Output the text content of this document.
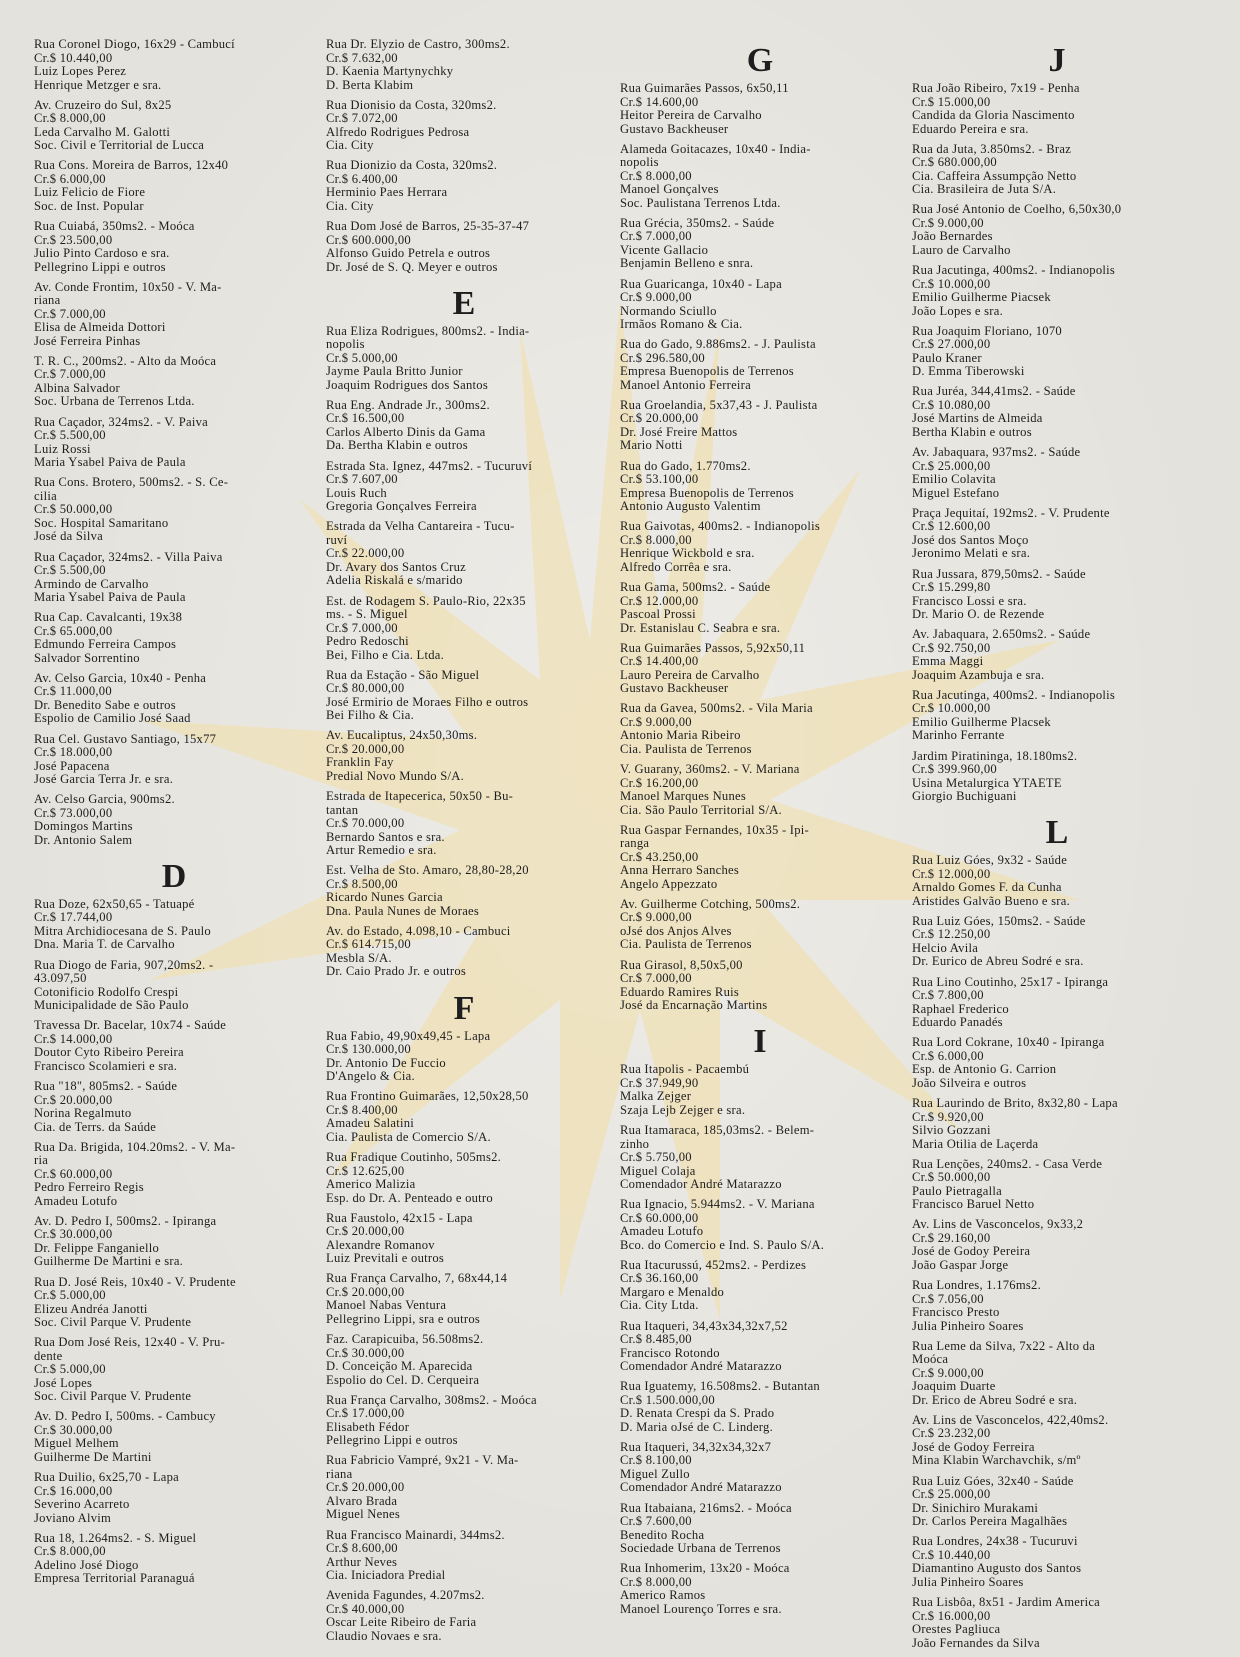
Rua Coronel Diogo, 16x29 - Cambucí
Cr.$ 10.440,00
Luiz Lopes Perez
Henrique Metzger e sra.
Av. Cruzeiro do Sul, 8x25
Cr.$ 8.000,00
Leda Carvalho M. Galotti
Soc. Civil e Territorial de Lucca
Rua Cons. Moreira de Barros, 12x40
Cr.$ 6.000,00
Luiz Felicio de Fiore
Soc. de Inst. Popular
Rua Cuiabá, 350ms2. - Moóca
Cr.$ 23.500,00
Julio Pinto Cardoso e sra.
Pellegrino Lippi e outros
Av. Conde Frontim, 10x50 - V. Ma-
riana
Cr.$ 7.000,00
Elisa de Almeida Dottori
José Ferreira Pinhas
T. R. C., 200ms2. - Alto da Moóca
Cr.$ 7.000,00
Albina Salvador
Soc. Urbana de Terrenos Ltda.
Rua Caçador, 324ms2. - V. Paiva
Cr.$ 5.500,00
Luiz Rossi
Maria Ysabel Paiva de Paula
Rua Cons. Brotero, 500ms2. - S. Ce-
cilia
Cr.$ 50.000,00
Soc. Hospital Samaritano
José da Silva
Rua Caçador, 324ms2. - Villa Paiva
Cr.$ 5.500,00
Armindo de Carvalho
Maria Ysabel Paiva de Paula
Rua Cap. Cavalcanti, 19x38
Cr.$ 65.000,00
Edmundo Ferreira Campos
Salvador Sorrentino
Av. Celso Garcia, 10x40 - Penha
Cr.$ 11.000,00
Dr. Benedito Sabe e outros
Espolio de Camilio José Saad
Rua Cel. Gustavo Santiago, 15x77
Cr.$ 18.000,00
José Papacena
José Garcia Terra Jr. e sra.
Av. Celso Garcia, 900ms2.
Cr.$ 73.000,00
Domingos Martins
Dr. Antonio Salem
D
Rua Doze, 62x50,65 - Tatuapé
Cr.$ 17.744,00
Mitra Archidiocesana de S. Paulo
Dna. Maria T. de Carvalho
Rua Diogo de Faria, 907,20ms2. -
43.097,50
Cotonificio Rodolfo Crespi
Municipalidade de São Paulo
Travessa Dr. Bacelar, 10x74 - Saúde
Cr.$ 14.000,00
Doutor Cyto Ribeiro Pereira
Francisco Scolamieri e sra.
Rua "18", 805ms2. - Saúde
Cr.$ 20.000,00
Norina Regalmuto
Cia. de Terrs. da Saúde
Rua Da. Brigida, 104.20ms2. - V. Ma-
ria
Cr.$ 60.000,00
Pedro Ferreiro Regis
Amadeu Lotufo
Av. D. Pedro I, 500ms2. - Ipiranga
Cr.$ 30.000,00
Dr. Felippe Fanganiello
Guilherme De Martini e sra.
Rua D. José Reis, 10x40 - V. Prudente
Cr.$ 5.000,00
Elizeu Andréa Janotti
Soc. Civil Parque V. Prudente
Rua Dom José Reis, 12x40 - V. Pru-
dente
Cr.$ 5.000,00
José Lopes
Soc. Civil Parque V. Prudente
Av. D. Pedro I, 500ms. - Cambucy
Cr.$ 30.000,00
Miguel Melhem
Guilherme De Martini
Rua Duilio, 6x25,70 - Lapa
Cr.$ 16.000,00
Severino Acarreto
Joviano Alvim
Rua 18, 1.264ms2. - S. Miguel
Cr.$ 8.000,00
Adelino José Diogo
Empresa Territorial Paranaguá
Rua Dr. Elyzio de Castro, 300ms2.
Cr.$ 7.632,00
D. Kaenia Martynychky
D. Berta Klabim
Rua Dionisio da Costa, 320ms2.
Cr.$ 7.072,00
Alfredo Rodrigues Pedrosa
Cia. City
Rua Dionizio da Costa, 320ms2.
Cr.$ 6.400,00
Herminio Paes Herrara
Cia. City
Rua Dom José de Barros, 25-35-37-47
Cr.$ 600.000,00
Alfonso Guido Petrela e outros
Dr. José de S. Q. Meyer e outros
E
Rua Eliza Rodrigues, 800ms2. - India-
nopolis
Cr.$ 5.000,00
Jayme Paula Britto Junior
Joaquim Rodrigues dos Santos
Rua Eng. Andrade Jr., 300ms2.
Cr.$ 16.500,00
Carlos Alberto Dinis da Gama
Da. Bertha Klabin e outros
Estrada Sta. Ignez, 447ms2. - Tucuruví
Cr.$ 7.607,00
Louis Ruch
Gregoria Gonçalves Ferreira
Estrada da Velha Cantareira - Tucu-
ruví
Cr.$ 22.000,00
Dr. Avary dos Santos Cruz
Adelia Riskalá e s/marido
Est. de Rodagem S. Paulo-Rio, 22x35
ms. - S. Miguel
Cr.$ 7.000,00
Pedro Redoschi
Bei, Filho e Cia. Ltda.
Rua da Estação - São Miguel
Cr.$ 80.000,00
José Ermirio de Moraes Filho e outros
Bei Filho & Cia.
Av. Eucaliptus, 24x50,30ms.
Cr.$ 20.000,00
Franklin Fay
Predial Novo Mundo S/A.
Estrada de Itapecerica, 50x50 - Bu-
tantan
Cr.$ 70.000,00
Bernardo Santos e sra.
Artur Remedio e sra.
Est. Velha de Sto. Amaro, 28,80-28,20
Cr.$ 8.500,00
Ricardo Nunes Garcia
Dna. Paula Nunes de Moraes
Av. do Estado, 4.098,10 - Cambuci
Cr.$ 614.715,00
Mesbla S/A.
Dr. Caio Prado Jr. e outros
F
Rua Fabio, 49,90x49,45 - Lapa
Cr.$ 130.000,00
Dr. Antonio De Fuccio
D'Angelo & Cia.
Rua Frontino Guimarães, 12,50x28,50
Cr.$ 8.400,00
Amadeu Salatini
Cia. Paulista de Comercio S/A.
Rua Fradique Coutinho, 505ms2.
Cr.$ 12.625,00
Americo Malizia
Esp. do Dr. A. Penteado e outro
Rua Faustolo, 42x15 - Lapa
Cr.$ 20.000,00
Alexandre Romanov
Luiz Previtali e outros
Rua França Carvalho, 7, 68x44,14
Cr.$ 20.000,00
Manoel Nabas Ventura
Pellegrino Lippi, sra e outros
Faz. Carapicuiba, 56.508ms2.
Cr.$ 30.000,00
D. Conceição M. Aparecida
Espolio do Cel. D. Cerqueira
Rua França Carvalho, 308ms2. - Moóca
Cr.$ 17.000,00
Elisabeth Fédor
Pellegrino Lippi e outros
Rua Fabricio Vampré, 9x21 - V. Ma-
riana
Cr.$ 20.000,00
Alvaro Brada
Miguel Nenes
Rua Francisco Mainardi, 344ms2.
Cr.$ 8.600,00
Arthur Neves
Cia. Iniciadora Predial
Avenida Fagundes, 4.207ms2.
Cr.$ 40.000,00
Oscar Leite Ribeiro de Faria
Claudio Novaes e sra.
G
Rua Guimarães Passos, 6x50,11
Cr.$ 14.600,00
Heitor Pereira de Carvalho
Gustavo Backheuser
Alameda Goitacazes, 10x40 - India-
nopolis
Cr.$ 8.000,00
Manoel Gonçalves
Soc. Paulistana Terrenos Ltda.
Rua Grécia, 350ms2. - Saúde
Cr.$ 7.000,00
Vicente Gallacio
Benjamin Belleno e snra.
Rua Guaricanga, 10x40 - Lapa
Cr.$ 9.000,00
Normando Sciullo
Irmãos Romano & Cia.
Rua do Gado, 9.886ms2. - J. Paulista
Cr.$ 296.580,00
Empresa Buenopolis de Terrenos
Manoel Antonio Ferreira
Rua Groelandia, 5x37,43 - J. Paulista
Cr.$ 20.000,00
Dr. José Freire Mattos
Mario Notti
Rua do Gado, 1.770ms2.
Cr.$ 53.100,00
Empresa Buenopolis de Terrenos
Antonio Augusto Valentim
Rua Gaivotas, 400ms2. - Indianopolis
Cr.$ 8.000,00
Henrique Wickbold e sra.
Alfredo Corrêa e sra.
Rua Gama, 500ms2. - Saúde
Cr.$ 12.000,00
Pascoal Prossi
Dr. Estanislau C. Seabra e sra.
Rua Guimarães Passos, 5,92x50,11
Cr.$ 14.400,00
Lauro Pereira de Carvalho
Gustavo Backheuser
Rua da Gavea, 500ms2. - Vila Maria
Cr.$ 9.000,00
Antonio Maria Ribeiro
Cia. Paulista de Terrenos
V. Guarany, 360ms2. - V. Mariana
Cr.$ 16.200,00
Manoel Marques Nunes
Cia. São Paulo Territorial S/A.
Rua Gaspar Fernandes, 10x35 - Ipi-
ranga
Cr.$ 43.250,00
Anna Herraro Sanches
Angelo Appezzato
Av. Guilherme Cotching, 500ms2.
Cr.$ 9.000,00
oJsé dos Anjos Alves
Cia. Paulista de Terrenos
Rua Girasol, 8,50x5,00
Cr.$ 7.000,00
Eduardo Ramires Ruis
José da Encarnação Martins
I
Rua Itapolis - Pacaembú
Cr.$ 37.949,90
Malka Zejger
Szaja Lejb Zejger e sra.
Rua Itamaraca, 185,03ms2. - Belem-
zinho
Cr.$ 5.750,00
Miguel Colaja
Comendador André Matarazzo
Rua Ignacio, 5.944ms2. - V. Mariana
Cr.$ 60.000,00
Amadeu Lotufo
Bco. do Comercio e Ind. S. Paulo S/A.
Rua Itacurussú, 452ms2. - Perdizes
Cr.$ 36.160,00
Margaro e Menaldo
Cia. City Ltda.
Rua Itaqueri, 34,43x34,32x7,52
Cr.$ 8.485,00
Francisco Rotondo
Comendador André Matarazzo
Rua Iguatemy, 16.508ms2. - Butantan
Cr.$ 1.500.000,00
D. Renata Crespi da S. Prado
D. Maria oJsé de C. Linderg.
Rua Itaqueri, 34,32x34,32x7
Cr.$ 8.100,00
Miguel Zullo
Comendador André Matarazzo
Rua Itabaiana, 216ms2. - Moóca
Cr.$ 7.600,00
Benedito Rocha
Sociedade Urbana de Terrenos
Rua Inhomerim, 13x20 - Moóca
Cr.$ 8.000,00
Americo Ramos
Manoel Lourenço Torres e sra.
J
Rua João Ribeiro, 7x19 - Penha
Cr.$ 15.000,00
Candida da Gloria Nascimento
Eduardo Pereira e sra.
Rua da Juta, 3.850ms2. - Braz
Cr.$ 680.000,00
Cia. Caffeira Assumpção Netto
Cia. Brasileira de Juta S/A.
Rua José Antonio de Coelho, 6,50x30,0
Cr.$ 9.000,00
João Bernardes
Lauro de Carvalho
Rua Jacutinga, 400ms2. - Indianopolis
Cr.$ 10.000,00
Emilio Guilherme Piacsek
João Lopes e sra.
Rua Joaquim Floriano, 1070
Cr.$ 27.000,00
Paulo Kraner
D. Emma Tiberowski
Rua Juréa, 344,41ms2. - Saúde
Cr.$ 10.080,00
José Martins de Almeida
Bertha Klabin e outros
Av. Jabaquara, 937ms2. - Saúde
Cr.$ 25.000,00
Emilio Colavita
Miguel Estefano
Praça Jequitaí, 192ms2. - V. Prudente
Cr.$ 12.600,00
José dos Santos Moço
Jeronimo Melati e sra.
Rua Jussara, 879,50ms2. - Saúde
Cr.$ 15.299,80
Francisco Lossi e sra.
Dr. Mario O. de Rezende
Av. Jabaquara, 2.650ms2. - Saúde
Cr.$ 92.750,00
Emma Maggi
Joaquim Azambuja e sra.
Rua Jacutinga, 400ms2. - Indianopolis
Cr.$ 10.000,00
Emilio Guilherme Placsek
Marinho Ferrante
Jardim Piratininga, 18.180ms2.
Cr.$ 399.960,00
Usina Metalurgica YTAETE
Giorgio Buchiguani
L
Rua Luiz Góes, 9x32 - Saúde
Cr.$ 12.000,00
Arnaldo Gomes F. da Cunha
Aristides Galvão Bueno e sra.
Rua Luiz Góes, 150ms2. - Saúde
Cr.$ 12.250,00
Helcio Avila
Dr. Eurico de Abreu Sodré e sra.
Rua Lino Coutinho, 25x17 - Ipiranga
Cr.$ 7.800,00
Raphael Frederico
Eduardo Panadés
Rua Lord Cokrane, 10x40 - Ipiranga
Cr.$ 6.000,00
Esp. de Antonio G. Carrion
João Silveira e outros
Rua Laurindo de Brito, 8x32,80 - Lapa
Cr.$ 9.920,00
Silvio Gozzani
Maria Otilia de Laçerda
Rua Lenções, 240ms2. - Casa Verde
Cr.$ 50.000,00
Paulo Pietragalla
Francisco Baruel Netto
Av. Lins de Vasconcelos, 9x33,2
Cr.$ 29.160,00
José de Godoy Pereira
João Gaspar Jorge
Rua Londres, 1.176ms2.
Cr.$ 7.056,00
Francisco Presto
Julia Pinheiro Soares
Rua Leme da Silva, 7x22 - Alto da
Moóca
Cr.$ 9.000,00
Joaquim Duarte
Dr. Erico de Abreu Sodré e sra.
Av. Lins de Vasconcelos, 422,40ms2.
Cr.$ 23.232,00
José de Godoy Ferreira
Mina Klabin Warchavchik, s/mº
Rua Luiz Góes, 32x40 - Saúde
Cr.$ 25.000,00
Dr. Sinichiro Murakami
Dr. Carlos Pereira Magalhães
Rua Londres, 24x38 - Tucuruvi
Cr.$ 10.440,00
Diamantino Augusto dos Santos
Julia Pinheiro Soares
Rua Lisbôa, 8x51 - Jardim America
Cr.$ 16.000,00
Orestes Pagliuca
João Fernandes da Silva
